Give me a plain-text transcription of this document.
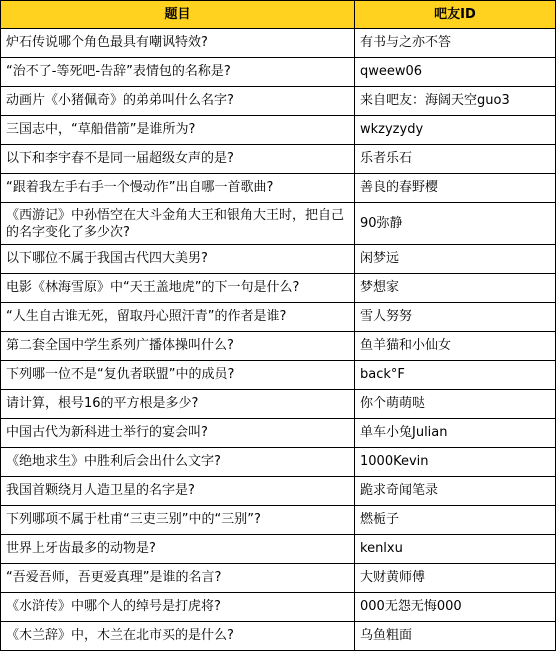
题目	吧友ID
炉石传说哪个角色最具有嘲讽特效?	有书与之亦不答
“治不了-等死吧-告辞”表情包的名称是?	qweew06
动画片《小猪佩奇》的弟弟叫什么名字?	来自吧友：海阔天空guo3
三国志中，“草船借箭”是谁所为?	wkzyzydy
以下和李宇春不是同一届超级女声的是?	乐者乐石
“跟着我左手右手一个慢动作”出自哪一首歌曲?	善良的春野樱
《西游记》中孙悟空在大斗金角大王和银角大王时，把自己的名字变化了多少次?	90弥静
以下哪位不属于我国古代四大美男?	闲梦远
电影《林海雪原》中“天王盖地虎”的下一句是什么?	梦想家
“人生自古谁无死，留取丹心照汗青”的作者是谁?	雪人努努
第二套全国中学生系列广播体操叫什么?	鱼羊猫和小仙女
下列哪一位不是“复仇者联盟”中的成员?	back°F
请计算，根号16的平方根是多少?	你个萌萌哒
中国古代为新科进士举行的宴会叫?	单车小兔Julian
《绝地求生》中胜利后会出什么文字?	1000Kevin
我国首颗绕月人造卫星的名字是?	跪求奇闻笔录
下列哪项不属于杜甫“三吏三别”中的“三别”?	燃栀子
世界上牙齿最多的动物是?	kenlxu
“吾爱吾师，吾更爱真理”是谁的名言?	大财黄师傅
《水浒传》中哪个人的绰号是打虎将?	000无怨无悔000
《木兰辞》中，木兰在北市买的是什么?	乌鱼粗面
